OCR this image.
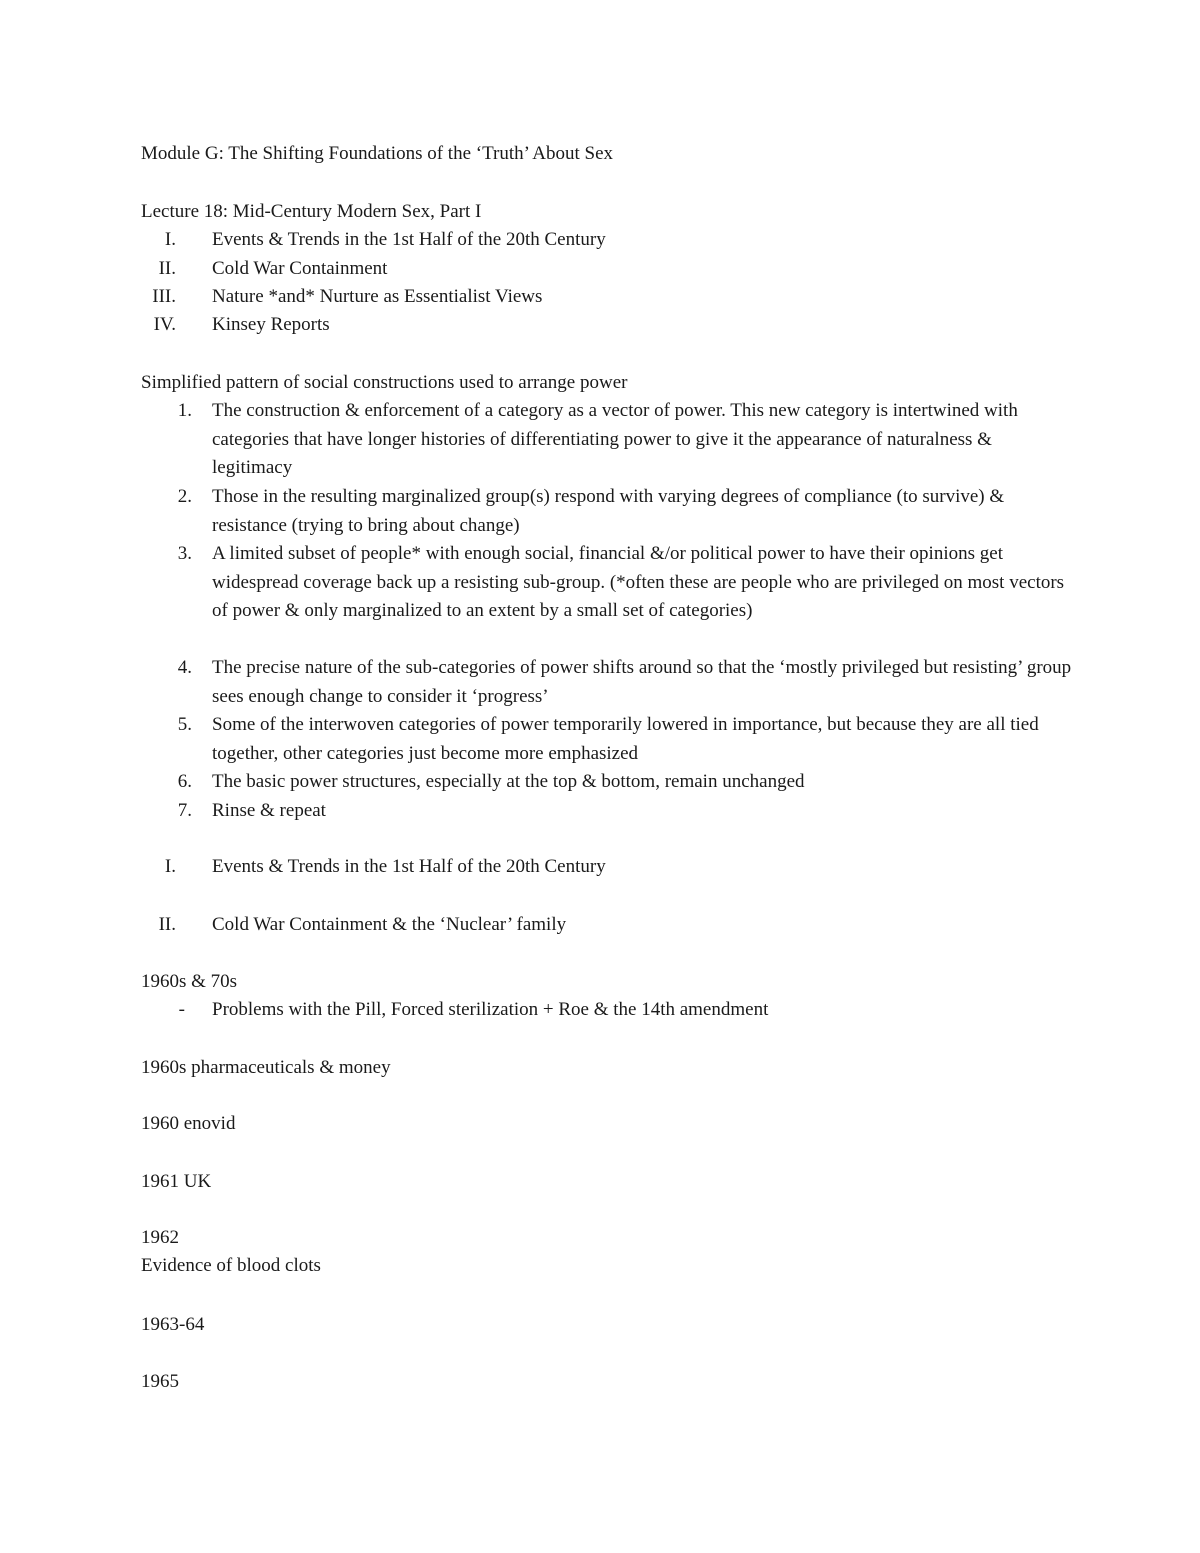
Module G: The Shifting Foundations of the ‘Truth’ About Sex
Lecture 18: Mid-Century Modern Sex, Part I
I. Events & Trends in the 1st Half of the 20th Century
II. Cold War Containment
III. Nature *and* Nurture as Essentialist Views
IV. Kinsey Reports
Simplified pattern of social constructions used to arrange power
1. The construction & enforcement of a category as a vector of power. This new category is intertwined with categories that have longer histories of differentiating power to give it the appearance of naturalness & legitimacy
2. Those in the resulting marginalized group(s) respond with varying degrees of compliance (to survive) & resistance (trying to bring about change)
3. A limited subset of people* with enough social, financial &/or political power to have their opinions get widespread coverage back up a resisting sub-group. (*often these are people who are privileged on most vectors of power & only marginalized to an extent by a small set of categories)
4. The precise nature of the sub-categories of power shifts around so that the ‘mostly privileged but resisting’ group sees enough change to consider it ‘progress’
5. Some of the interwoven categories of power temporarily lowered in importance, but because they are all tied together, other categories just become more emphasized
6. The basic power structures, especially at the top & bottom, remain unchanged
7. Rinse & repeat
I. Events & Trends in the 1st Half of the 20th Century
II. Cold War Containment & the ‘Nuclear’ family
1960s & 70s
- Problems with the Pill, Forced sterilization + Roe & the 14th amendment
1960s pharmaceuticals & money
1960 enovid
1961 UK
1962
Evidence of blood clots
1963-64
1965
